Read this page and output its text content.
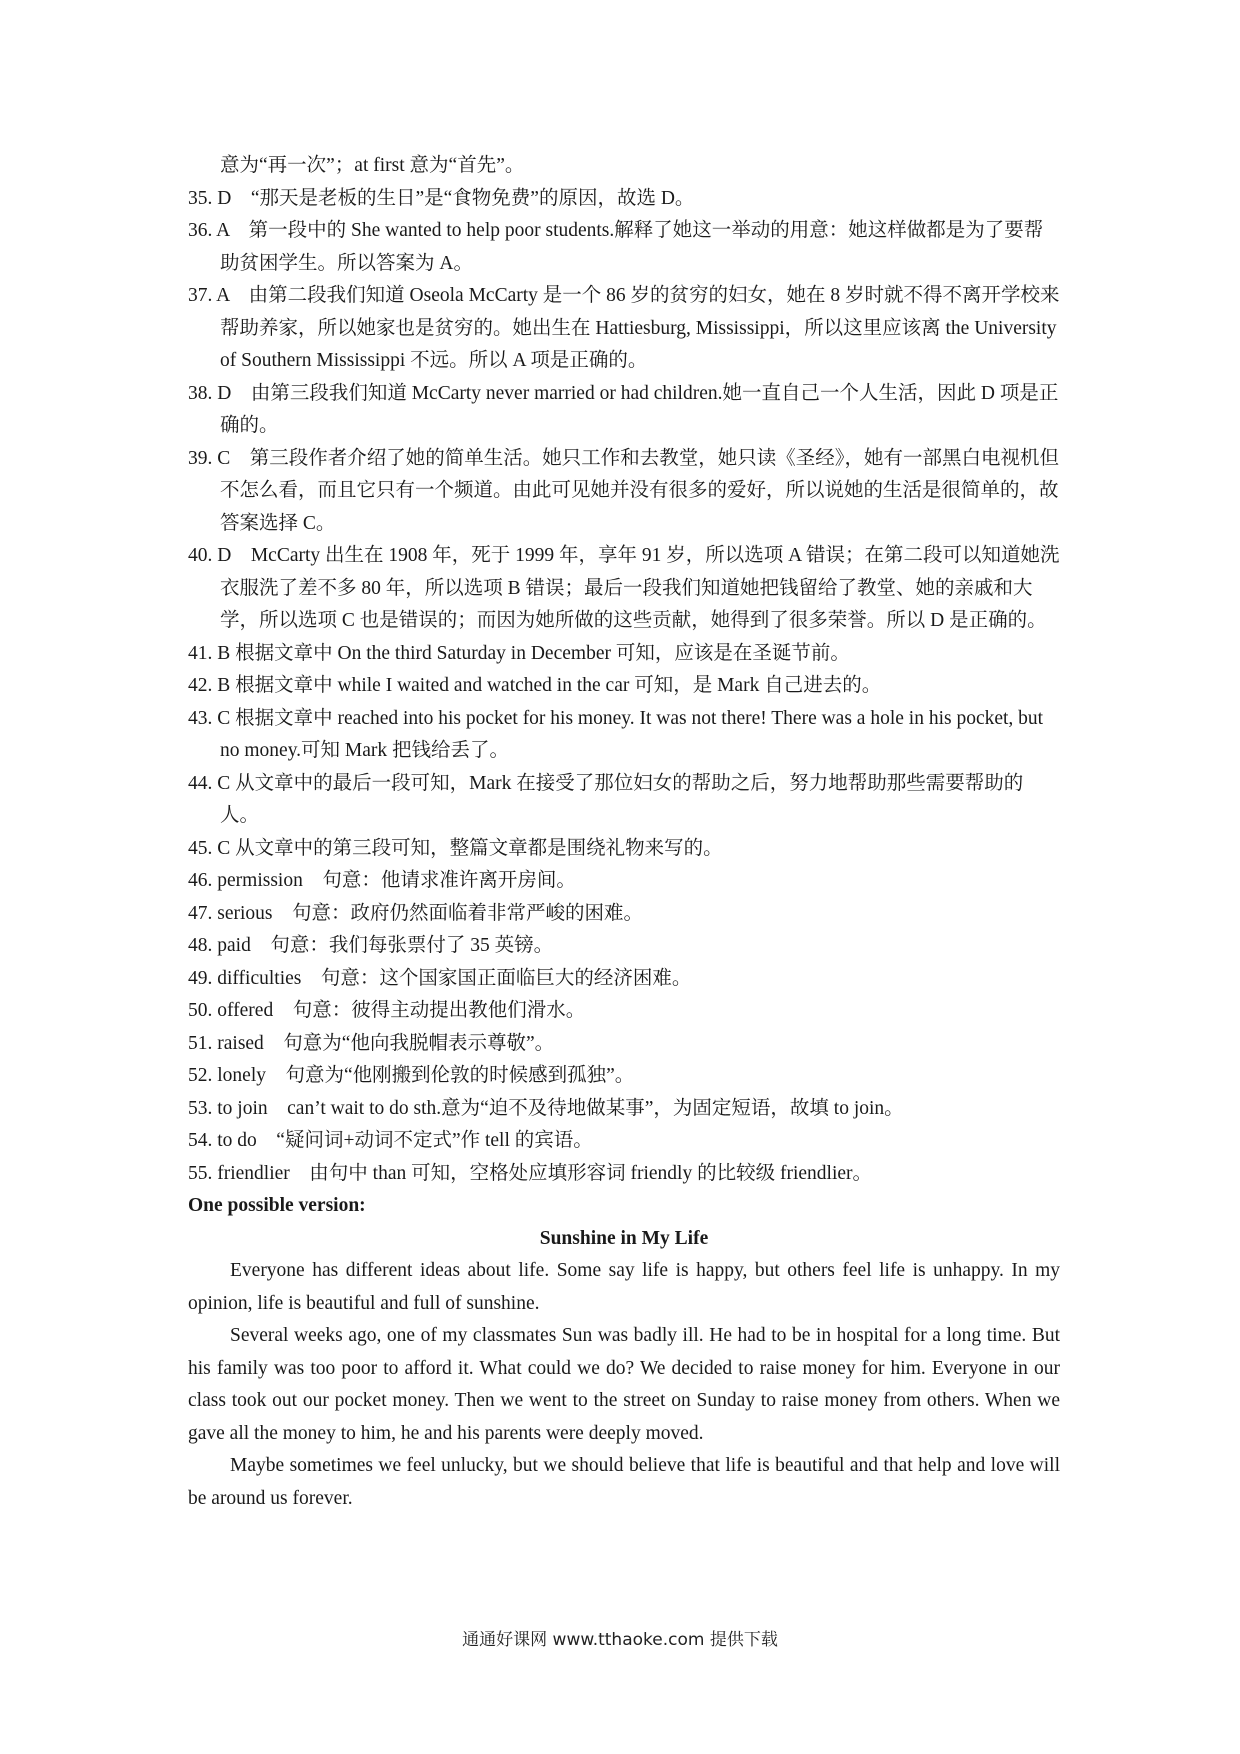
意为“再一次”；at first 意为“首先”。
35. D　“那天是老板的生日”是“食物免费”的原因，故选 D。
36. A　第一段中的 She wanted to help poor students.解释了她这一举动的用意：她这样做都是为了要帮助贫困学生。所以答案为 A。
37. A　由第二段我们知道 Oseola McCarty 是一个 86 岁的贫穷的妇女，她在 8 岁时就不得不离开学校来帮助养家，所以她家也是贫穷的。她出生在 Hattiesburg, Mississippi，所以这里应该离 the University of Southern Mississippi 不远。所以 A 项是正确的。
38. D　由第三段我们知道 McCarty never married or had children.她一直自己一个人生活，因此 D 项是正确的。
39. C　第三段作者介绍了她的简单生活。她只工作和去教堂，她只读《圣经》，她有一部黑白电视机但不怎么看，而且它只有一个频道。由此可见她并没有很多的爱好，所以说她的生活是很简单的，故答案选择 C。
40. D　McCarty 出生在 1908 年，死于 1999 年，享年 91 岁，所以选项 A 错误；在第二段可以知道她洗衣服洗了差不多 80 年，所以选项 B 错误；最后一段我们知道她把钱留给了教堂、她的亲戚和大学，所以选项 C 也是错误的；而因为她所做的这些贡献，她得到了很多荣誉。所以 D 是正确的。
41. B 根据文章中 On the third Saturday in December 可知，应该是在圣诞节前。
42. B 根据文章中 while I waited and watched in the car 可知，是 Mark 自己进去的。
43. C 根据文章中 reached into his pocket for his money. It was not there! There was a hole in his pocket, but no money.可知 Mark 把钱给丢了。
44. C 从文章中的最后一段可知，Mark 在接受了那位妇女的帮助之后，努力地帮助那些需要帮助的人。
45. C 从文章中的第三段可知，整篇文章都是围绕礼物来写的。
46. permission　句意：他请求准许离开房间。
47. serious　句意：政府仍然面临着非常严峻的困难。
48. paid　句意：我们每张票付了 35 英镑。
49. difficulties　句意：这个国家国正面临巨大的经济困难。
50. offered　句意：彼得主动提出教他们滑水。
51. raised　句意为“他向我脱帽表示尊敬”。
52. lonely　句意为“他刚搬到伦敦的时候感到孤独”。
53. to join　can’t wait to do sth.意为“迫不及待地做某事”，为固定短语，故填 to join。
54. to do　“疑问词+动词不定式”作 tell 的宾语。
55. friendlier　由句中 than 可知，空格处应填形容词 friendly 的比较级 friendlier。
One possible version:
Sunshine in My Life
Everyone has different ideas about life. Some say life is happy, but others feel life is unhappy. In my opinion, life is beautiful and full of sunshine.
Several weeks ago, one of my classmates Sun was badly ill. He had to be in hospital for a long time. But his family was too poor to afford it. What could we do? We decided to raise money for him. Everyone in our class took out our pocket money. Then we went to the street on Sunday to raise money from others. When we gave all the money to him, he and his parents were deeply moved.
Maybe sometimes we feel unlucky, but we should believe that life is beautiful and that help and love will be around us forever.
通通好课网 www.tthaoke.com 提供下载
